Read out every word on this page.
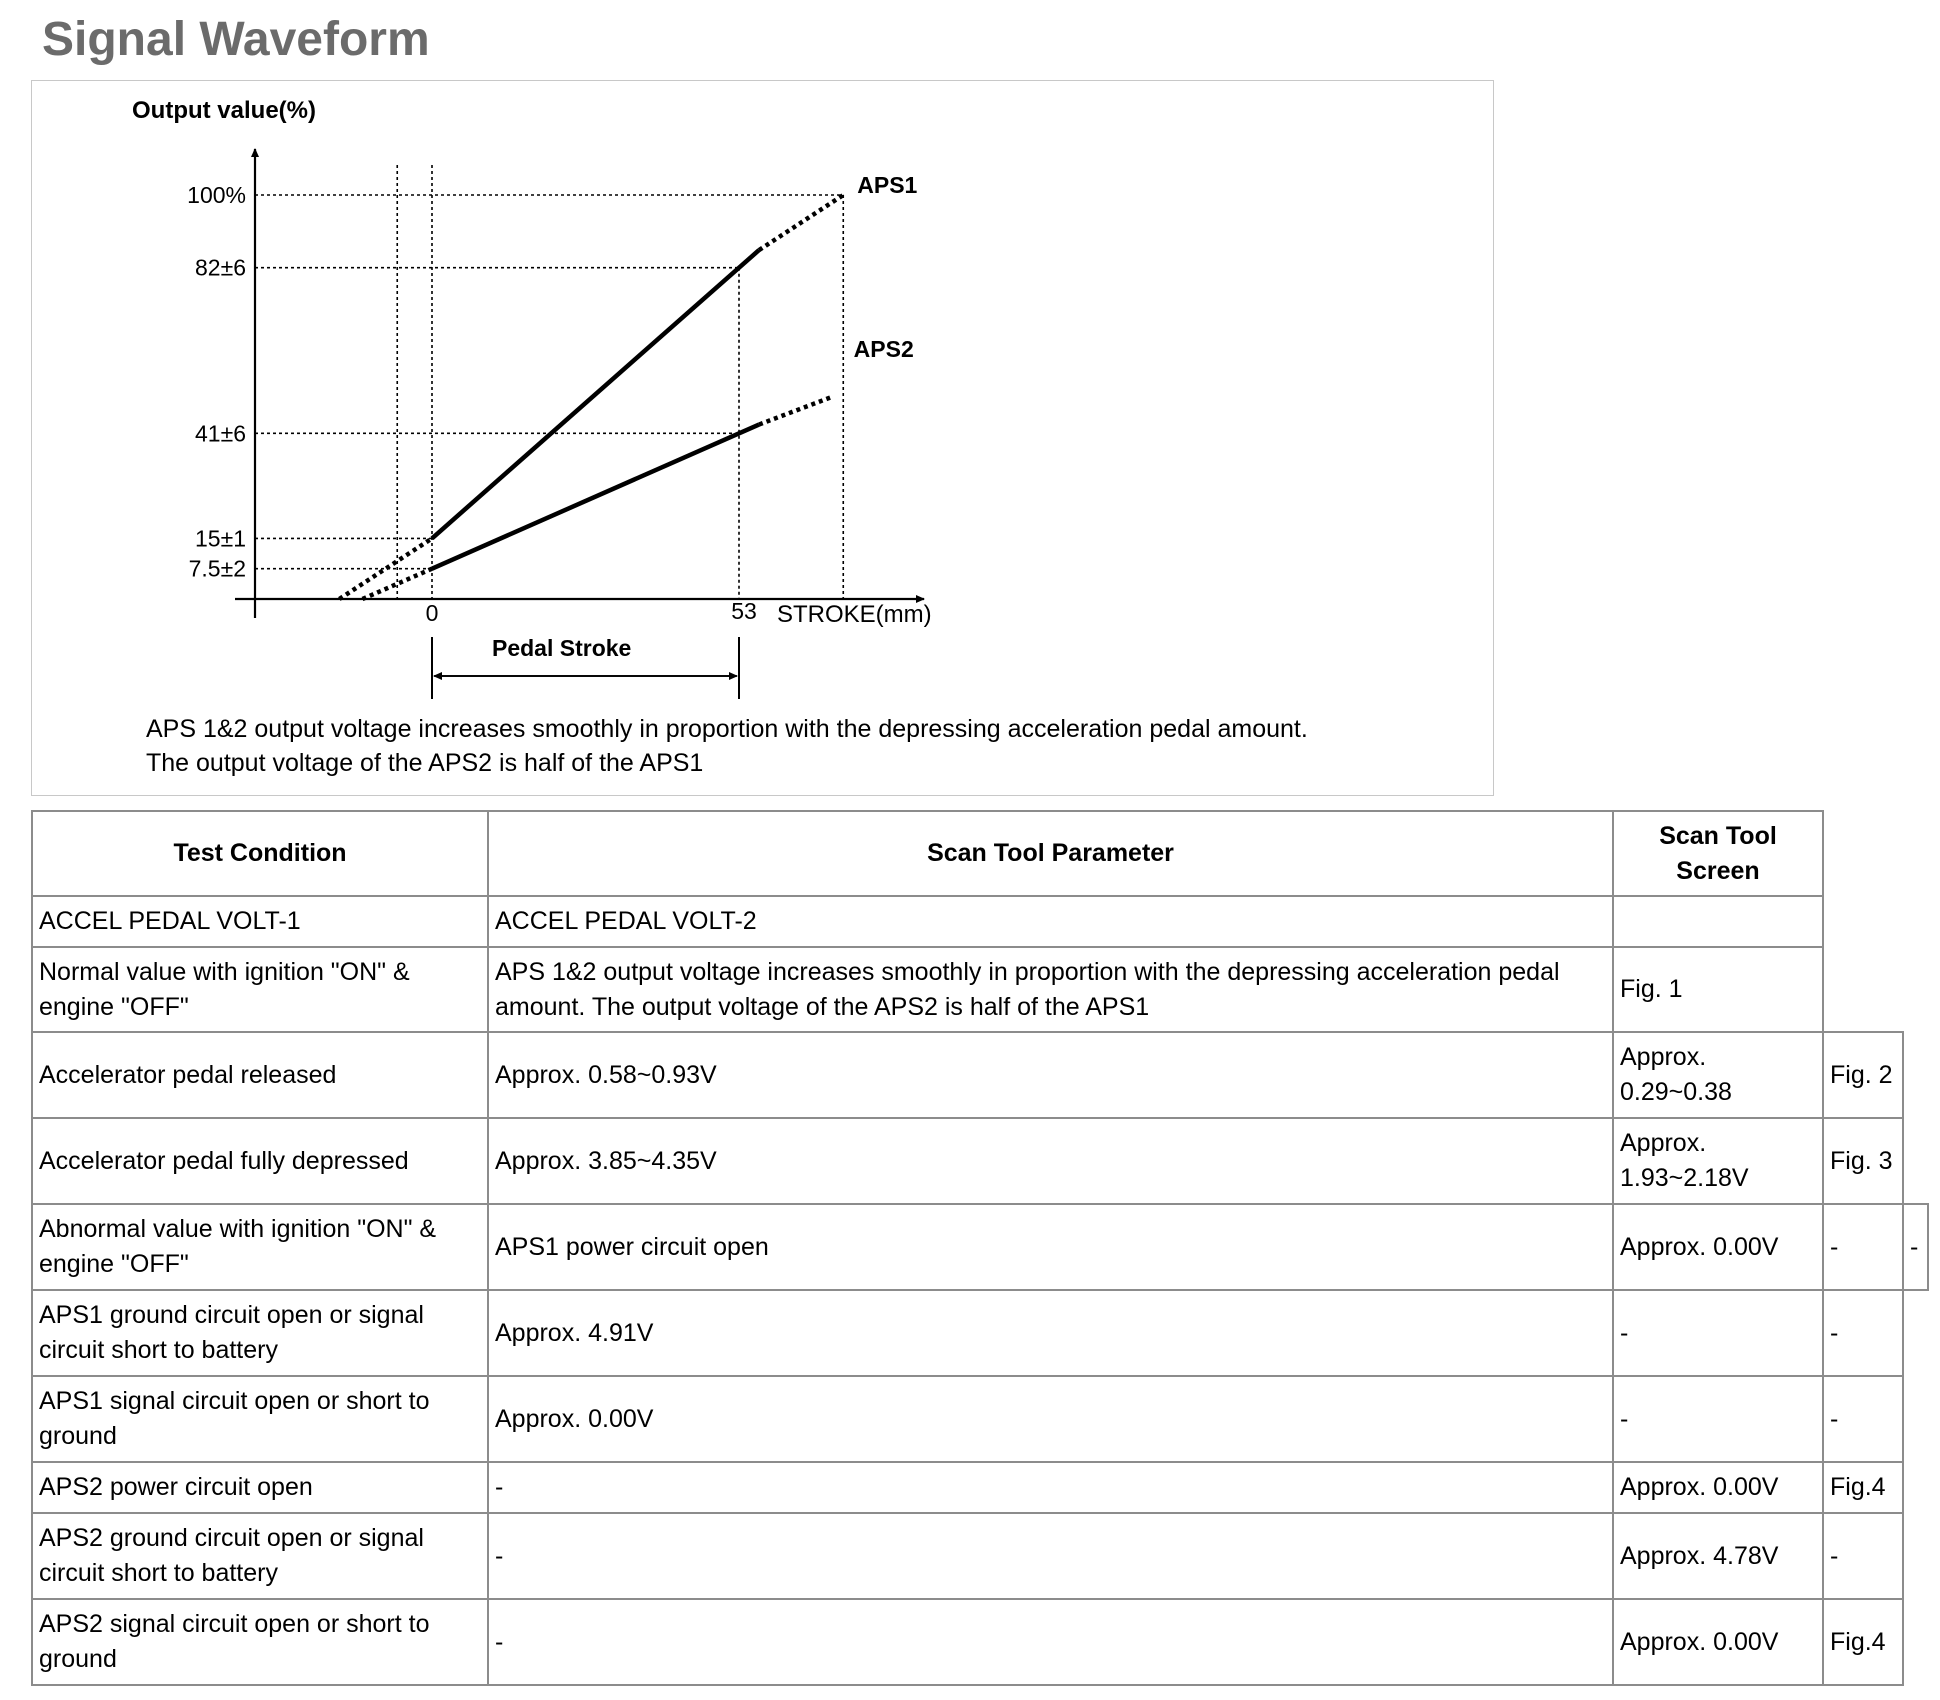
Signal Waveform
Output value(%)
STROKE(mm)
100%
82±6
41±6
15±1
7.5±2
0	53
APS1
APS2
Pedal Stroke
APS 1&2 output voltage increases smoothly in proportion with the depressing acceleration pedal amount.
The output voltage of the APS2 is half of the APS1
Test Condition	Scan Tool Parameter	Scan Tool Screen		
ACCEL PEDAL VOLT-1	ACCEL PEDAL VOLT-2			
Normal value with ignition "ON" & engine "OFF"	APS 1&2 output voltage increases smoothly in proportion with the depressing acceleration pedal amount. The output voltage of the APS2 is half of the APS1	Fig. 1		
Accelerator pedal released	Approx. 0.58~0.93V	Approx. 0.29~0.38	Fig. 2	
Accelerator pedal fully depressed	Approx. 3.85~4.35V	Approx. 1.93~2.18V	Fig. 3	
Abnormal value with ignition "ON" & engine "OFF"	APS1 power circuit open	Approx. 0.00V	-	-
APS1 ground circuit open or signal circuit short to battery	Approx. 4.91V	-	-	
APS1 signal circuit open or short to ground	Approx. 0.00V	-	-	
APS2 power circuit open	-	Approx. 0.00V	Fig.4	
APS2 ground circuit open or signal circuit short to battery	-	Approx. 4.78V	-	
APS2 signal circuit open or short to ground	-	Approx. 0.00V	Fig.4	
